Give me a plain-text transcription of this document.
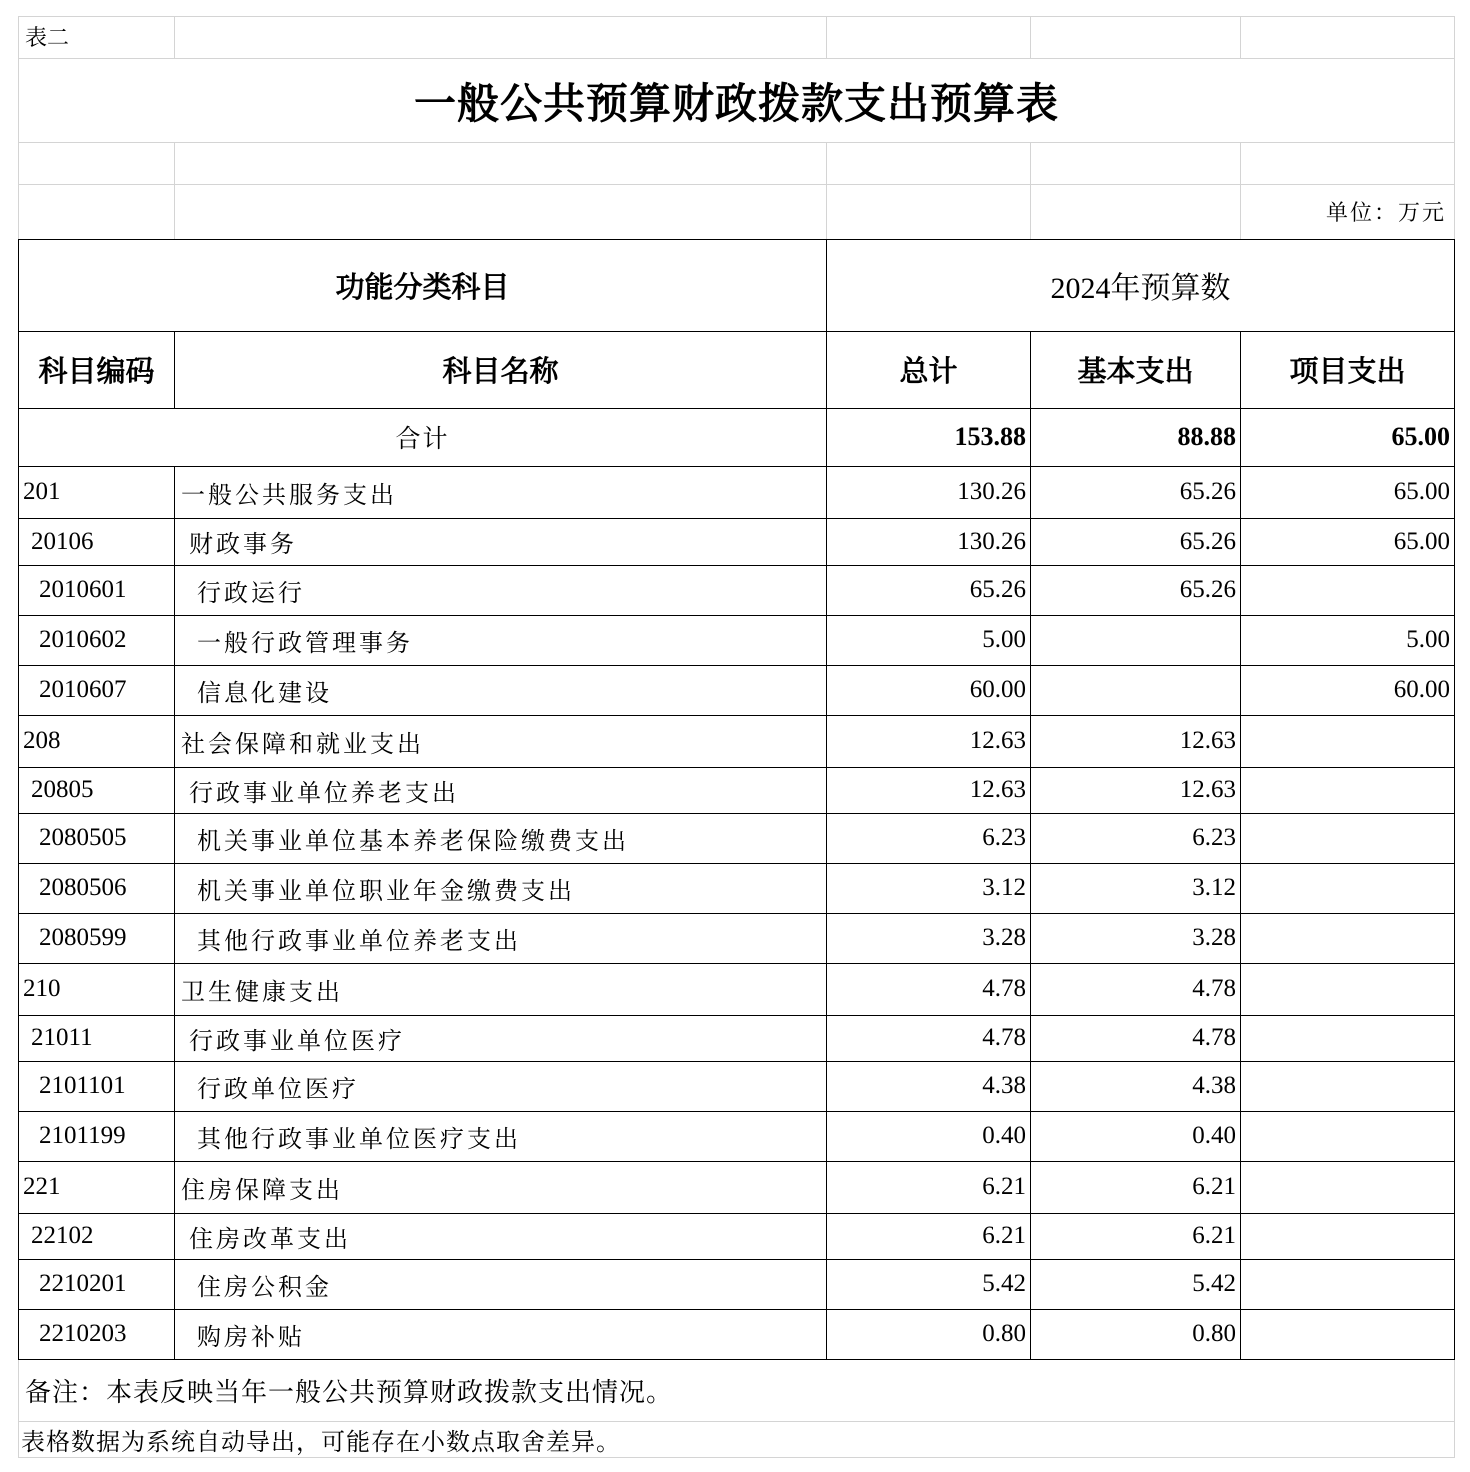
表二				
一般公共预算财政拨款支出预算表				

				单位：万元
功能分类科目		2024年预算数		
科目编码	科目名称	总计	基本支出	项目支出
合计		153.88	88.88	65.00
201	一般公共服务支出	130.26	65.26	65.00
20106	财政事务	130.26	65.26	65.00
2010601	行政运行	65.26	65.26	
2010602	一般行政管理事务	5.00		5.00
2010607	信息化建设	60.00		60.00
208	社会保障和就业支出	12.63	12.63	
20805	行政事业单位养老支出	12.63	12.63	
2080505	机关事业单位基本养老保险缴费支出	6.23	6.23	
2080506	机关事业单位职业年金缴费支出	3.12	3.12	
2080599	其他行政事业单位养老支出	3.28	3.28	
210	卫生健康支出	4.78	4.78	
21011	行政事业单位医疗	4.78	4.78	
2101101	行政单位医疗	4.38	4.38	
2101199	其他行政事业单位医疗支出	0.40	0.40	
221	住房保障支出	6.21	6.21	
22102	住房改革支出	6.21	6.21	
2210201	住房公积金	5.42	5.42	
2210203	购房补贴	0.80	0.80	
备注：本表反映当年一般公共预算财政拨款支出情况。
表格数据为系统自动导出，可能存在小数点取舍差异。
